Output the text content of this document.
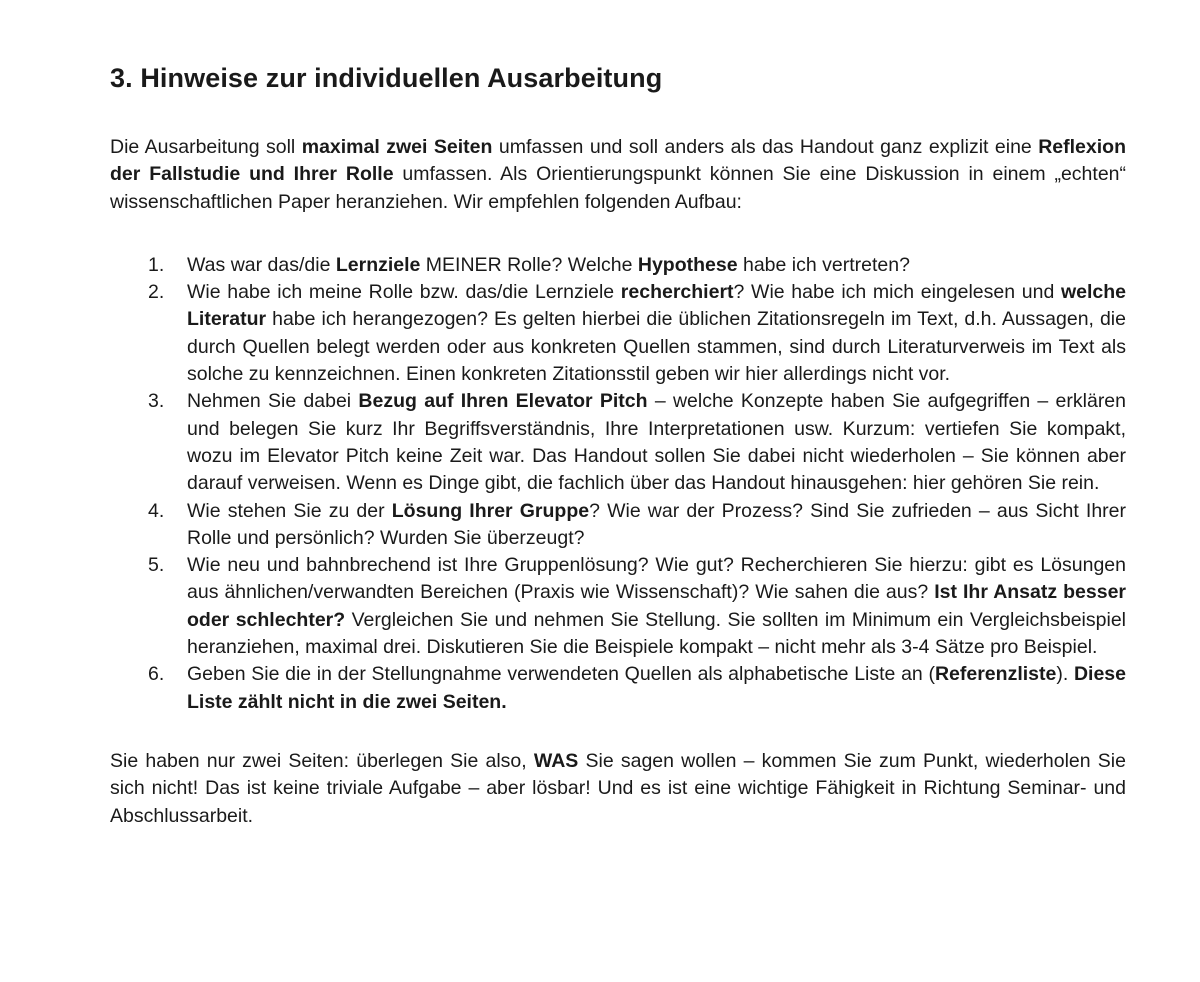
3. Hinweise zur individuellen Ausarbeitung

Die Ausarbeitung soll maximal zwei Seiten umfassen und soll anders als das Handout ganz explizit eine Reflexion der Fallstudie und Ihrer Rolle umfassen. Als Orientierungspunkt können Sie eine Diskussion in einem „echten“ wissenschaftlichen Paper heranziehen. Wir empfehlen folgenden Aufbau:

1. Was war das/die Lernziele MEINER Rolle? Welche Hypothese habe ich vertreten?
2. Wie habe ich meine Rolle bzw. das/die Lernziele recherchiert? Wie habe ich mich eingelesen und welche Literatur habe ich herangezogen? Es gelten hierbei die üblichen Zitationsregeln im Text, d.h. Aussagen, die durch Quellen belegt werden oder aus konkreten Quellen stammen, sind durch Literaturverweis im Text als solche zu kennzeichnen. Einen konkreten Zitationsstil geben wir hier allerdings nicht vor.
3. Nehmen Sie dabei Bezug auf Ihren Elevator Pitch – welche Konzepte haben Sie aufgegriffen – erklären und belegen Sie kurz Ihr Begriffsverständnis, Ihre Interpretationen usw. Kurzum: vertiefen Sie kompakt, wozu im Elevator Pitch keine Zeit war. Das Handout sollen Sie dabei nicht wiederholen – Sie können aber darauf verweisen. Wenn es Dinge gibt, die fachlich über das Handout hinausgehen: hier gehören Sie rein.
4. Wie stehen Sie zu der Lösung Ihrer Gruppe? Wie war der Prozess? Sind Sie zufrieden – aus Sicht Ihrer Rolle und persönlich? Wurden Sie überzeugt?
5. Wie neu und bahnbrechend ist Ihre Gruppenlösung? Wie gut? Recherchieren Sie hierzu: gibt es Lösungen aus ähnlichen/verwandten Bereichen (Praxis wie Wissenschaft)? Wie sahen die aus? Ist Ihr Ansatz besser oder schlechter? Vergleichen Sie und nehmen Sie Stellung. Sie sollten im Minimum ein Vergleichsbeispiel heranziehen, maximal drei. Diskutieren Sie die Beispiele kompakt – nicht mehr als 3-4 Sätze pro Beispiel.
6. Geben Sie die in der Stellungnahme verwendeten Quellen als alphabetische Liste an (Referenzliste). Diese Liste zählt nicht in die zwei Seiten.

Sie haben nur zwei Seiten: überlegen Sie also, WAS Sie sagen wollen – kommen Sie zum Punkt, wiederholen Sie sich nicht! Das ist keine triviale Aufgabe – aber lösbar! Und es ist eine wichtige Fähigkeit in Richtung Seminar- und Abschlussarbeit.
